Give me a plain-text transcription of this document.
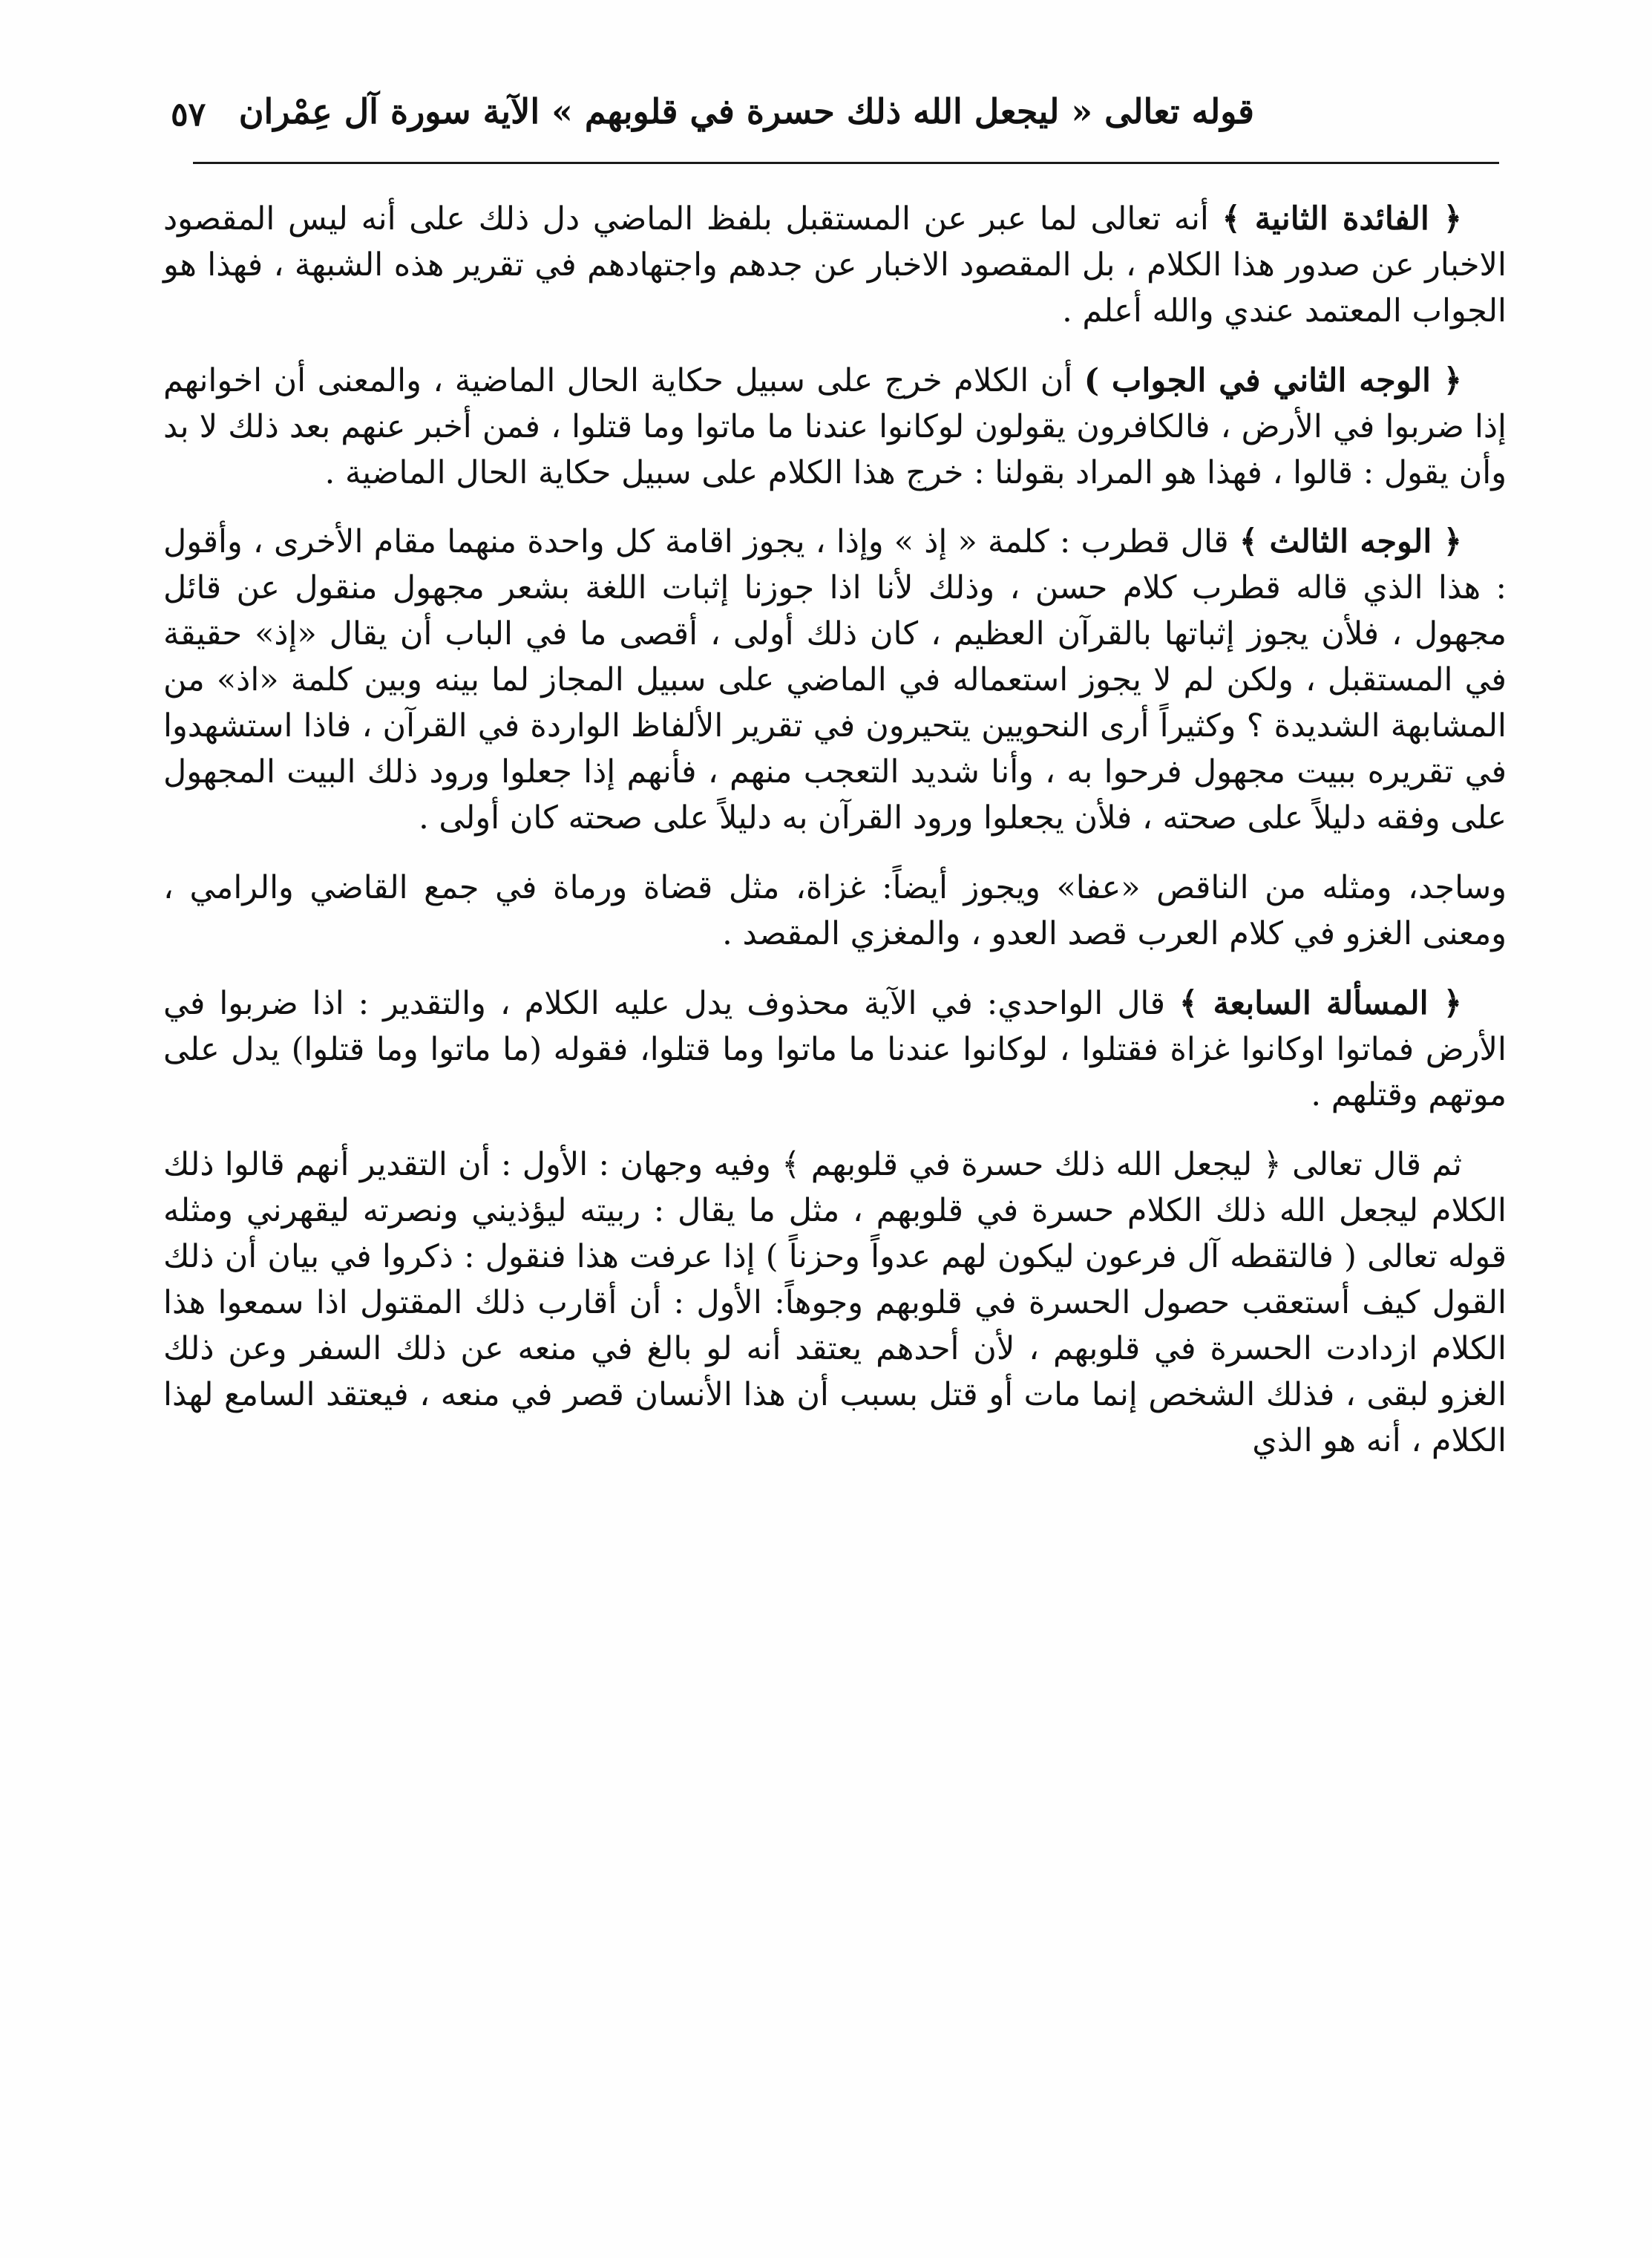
قوله تعالى « ليجعل الله ذلك حسرة في قلوبهم » الآية سورة آل عِمْران
٥٧

﴿ الفائدة الثانية ﴾ أنه تعالى لما عبر عن المستقبل بلفظ الماضي دل ذلك على أنه ليس المقصود الاخبار عن صدور هذا الكلام ، بل المقصود الاخبار عن جدهم واجتهادهم في تقرير هذه الشبهة ، فهذا هو الجواب المعتمد عندي والله أعلم .

﴿ الوجه الثاني في الجواب ) أن الكلام خرج على سبيل حكاية الحال الماضية ، والمعنى أن اخوانهم إذا ضربوا في الأرض ، فالكافرون يقولون لوكانوا عندنا ما ماتوا وما قتلوا ، فمن أخبر عنهم بعد ذلك لا بد وأن يقول : قالوا ، فهذا هو المراد بقولنا : خرج هذا الكلام على سبيل حكاية الحال الماضية .

﴿ الوجه الثالث ﴾ قال قطرب : كلمة « إذ » وإذا ، يجوز اقامة كل واحدة منهما مقام الأخرى ، وأقول : هذا الذي قاله قطرب كلام حسن ، وذلك لأنا اذا جوزنا إثبات اللغة بشعر مجهول منقول عن قائل مجهول ، فلأن يجوز إثباتها بالقرآن العظيم ، كان ذلك أولى ، أقصى ما في الباب أن يقال «إذ» حقيقة في المستقبل ، ولكن لم لا يجوز استعماله في الماضي على سبيل المجاز لما بينه وبين كلمة «اذ» من المشابهة الشديدة ؟ وكثيراً أرى النحويين يتحيرون في تقرير الألفاظ الواردة في القرآن ، فاذا استشهدوا في تقريره ببيت مجهول فرحوا به ، وأنا شديد التعجب منهم ، فأنهم إذا جعلوا ورود ذلك البيت المجهول على وفقه دليلاً على صحته ، فلأن يجعلوا ورود القرآن به دليلاً على صحته كان أولى .

وساجد، ومثله من الناقص «عفا» ويجوز أيضاً: غزاة، مثل قضاة ورماة في جمع القاضي والرامي ، ومعنى الغزو في كلام العرب قصد العدو ، والمغزي المقصد .

﴿ المسألة السابعة ﴾ قال الواحدي: في الآية محذوف يدل عليه الكلام ، والتقدير : اذا ضربوا في الأرض فماتوا اوكانوا غزاة فقتلوا ، لوكانوا عندنا ما ماتوا وما قتلوا، فقوله (ما ماتوا وما قتلوا) يدل على موتهم وقتلهم .

ثم قال تعالى ﴿ ليجعل الله ذلك حسرة في قلوبهم ﴾ وفيه وجهان : الأول : أن التقدير أنهم قالوا ذلك الكلام ليجعل الله ذلك الكلام حسرة في قلوبهم ، مثل ما يقال : ربيته ليؤذيني ونصرته ليقهرني ومثله قوله تعالى ( فالتقطه آل فرعون ليكون لهم عدواً وحزناً ) إذا عرفت هذا فنقول : ذكروا في بيان أن ذلك القول كيف أستعقب حصول الحسرة في قلوبهم وجوهاً: الأول : أن أقارب ذلك المقتول اذا سمعوا هذا الكلام ازدادت الحسرة في قلوبهم ، لأن أحدهم يعتقد أنه لو بالغ في منعه عن ذلك السفر وعن ذلك الغزو لبقى ، فذلك الشخص إنما مات أو قتل بسبب أن هذا الأنسان قصر في منعه ، فيعتقد السامع لهذا الكلام ، أنه هو الذي
